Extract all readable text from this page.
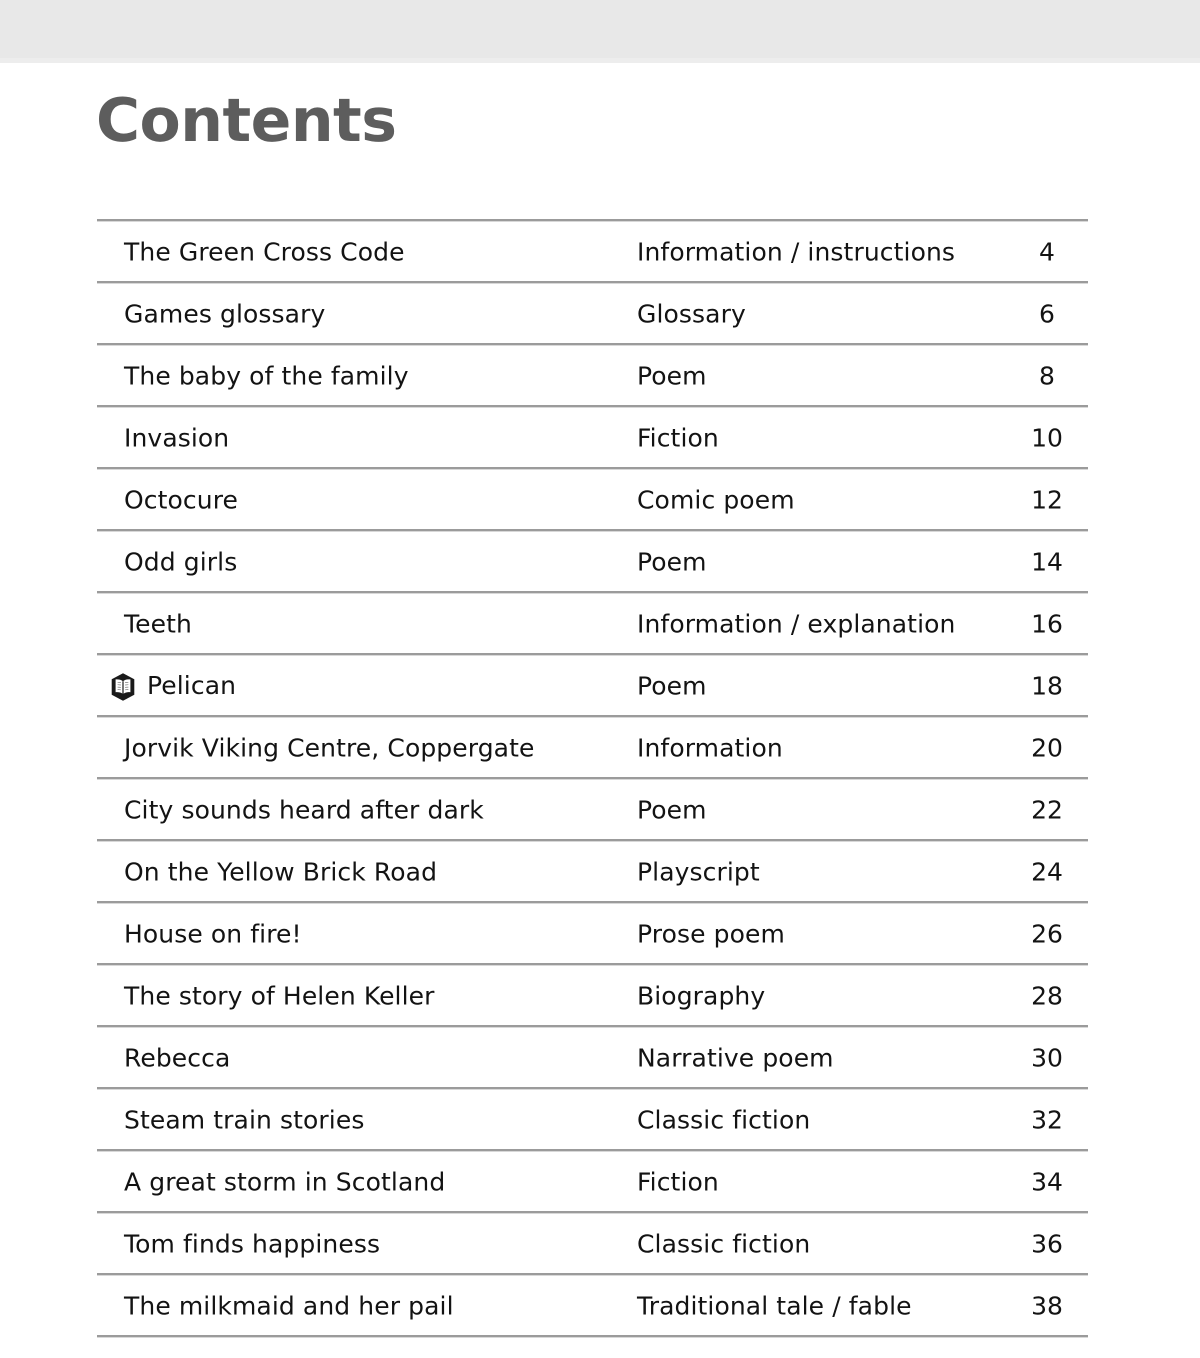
Contents
The Green Cross Code	Information / instructions	4
Games glossary	Glossary	6
The baby of the family	Poem	8
Invasion	Fiction	10
Octocure	Comic poem	12
Odd girls	Poem	14
Teeth	Information / explanation	16
Pelican	Poem	18
Jorvik Viking Centre, Coppergate	Information	20
City sounds heard after dark	Poem	22
On the Yellow Brick Road	Playscript	24
House on fire!	Prose poem	26
The story of Helen Keller	Biography	28
Rebecca	Narrative poem	30
Steam train stories	Classic fiction	32
A great storm in Scotland	Fiction	34
Tom finds happiness	Classic fiction	36
The milkmaid and her pail	Traditional tale / fable	38
